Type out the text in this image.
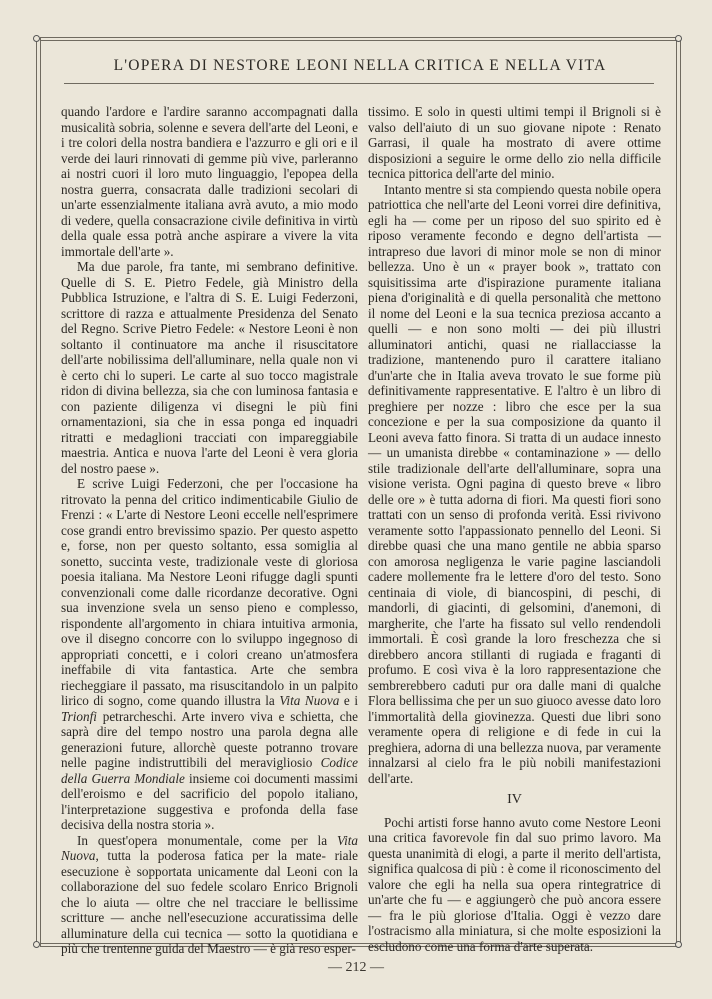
L'OPERA DI NESTORE LEONI NELLA CRITICA E NELLA VITA

quando l'ardore e l'ardire saranno accompagnati dalla musicalità sobria, solenne e severa dell'arte del Leoni, e i tre colori della nostra bandiera e l'azzurro e gli ori e il verde dei lauri rinnovati di gemme più vive, parleranno ai nostri cuori il loro muto linguaggio, l'epopea della nostra guerra, consacrata dalle tradizioni secolari di un'arte essenzialmente italiana avrà avuto, a mio modo di vedere, quella consacrazione civile definitiva in virtù della quale essa potrà anche aspirare a vivere la vita immortale dell'arte ».

Ma due parole, fra tante, mi sembrano definitive. Quelle di S. E. Pietro Fedele, già Ministro della Pubblica Istruzione, e l'altra di S. E. Luigi Federzoni, scrittore di razza e attualmente Presidenza del Senato del Regno. Scrive Pietro Fedele: « Nestore Leoni è non soltanto il continuatore ma anche il risuscitatore dell'arte nobilissima dell'alluminare, nella quale non vi è certo chi lo superi. Le carte al suo tocco magistrale ridon di divina bellezza, sia che con luminosa fantasia e con paziente diligenza vi disegni le più fini ornamentazioni, sia che in essa ponga ed inquadri ritratti e medaglioni tracciati con impareggiabile maestria. Antica e nuova l'arte del Leoni è vera gloria del nostro paese ».

E scrive Luigi Federzoni, che per l'occasione ha ritrovato la penna del critico indimenticabile Giulio de Frenzi : « L'arte di Nestore Leoni eccelle nell'esprimere cose grandi entro brevissimo spazio. Per questo aspetto e, forse, non per questo soltanto, essa somiglia al sonetto, succinta veste, tradizionale veste di gloriosa poesia italiana. Ma Nestore Leoni rifugge dagli spunti convenzionali come dalle ricordanze decorative. Ogni sua invenzione svela un senso pieno e complesso, rispondente all'argomento in chiara intuitiva armonia, ove il disegno concorre con lo sviluppo ingegnoso di appropriati concetti, e i colori creano un'atmosfera ineffabile di vita fantastica. Arte che sembra riecheggiare il passato, ma risuscitandolo in un palpito lirico di sogno, come quando illustra la Vita Nuova e i Trionfi petrarcheschi. Arte invero viva e schietta, che saprà dire del tempo nostro una parola degna alle generazioni future, allorchè queste potranno trovare nelle pagine indistruttibili del meravigliosio Codice della Guerra Mondiale insieme coi documenti massimi dell'eroismo e del sacrificio del popolo italiano, l'interpretazione suggestiva e profonda della fase decisiva della nostra storia ».

In quest'opera monumentale, come per la Vita Nuova, tutta la poderosa fatica per la mate- riale esecuzione è sopportata unicamente dal Leoni con la collaborazione del suo fedele scolaro Enrico Brignoli che lo aiuta — oltre che nel tracciare le bellissime scritture — anche nell'esecuzione accuratissima delle alluminature della cui tecnica — sotto la quotidiana e più che trentenne guida del Maestro — è già reso esper-

tissimo. E solo in questi ultimi tempi il Brignoli si è valso dell'aiuto di un suo giovane nipote : Renato Garrasi, il quale ha mostrato di avere ottime disposizioni a seguire le orme dello zio nella difficile tecnica pittorica dell'arte del minio.

Intanto mentre si sta compiendo questa nobile opera patriottica che nell'arte del Leoni vorrei dire definitiva, egli ha — come per un riposo del suo spirito ed è riposo veramente fecondo e degno dell'artista — intrapreso due lavori di minor mole se non di minor bellezza. Uno è un « prayer book », trattato con squisitissima arte d'ispirazione puramente italiana piena d'originalità e di quella personalità che mettono il nome del Leoni e la sua tecnica preziosa accanto a quelli — e non sono molti — dei più illustri alluminatori antichi, quasi ne riallacciasse la tradizione, mantenendo puro il carattere italiano d'un'arte che in Italia aveva trovato le sue forme più definitivamente rappresentative. E l'altro è un libro di preghiere per nozze : libro che esce per la sua concezione e per la sua composizione da quanto il Leoni aveva fatto finora. Si tratta di un audace innesto — un umanista direbbe « contaminazione » — dello stile tradizionale dell'arte dell'alluminare, sopra una visione verista. Ogni pagina di questo breve « libro delle ore » è tutta adorna di fiori. Ma questi fiori sono trattati con un senso di profonda verità. Essi rivivono veramente sotto l'appassionato pennello del Leoni. Si direbbe quasi che una mano gentile ne abbia sparso con amorosa negligenza le varie pagine lasciandoli cadere mollemente fra le lettere d'oro del testo. Sono centinaia di viole, di biancospini, di peschi, di mandorli, di giacinti, di gelsomini, d'anemoni, di margherite, che l'arte ha fissato sul vello rendendoli immortali. È così grande la loro freschezza che si direbbero ancora stillanti di rugiada e fraganti di profumo. E così viva è la loro rappresentazione che sembrerebbero caduti pur ora dalle mani di qualche Flora bellissima che per un suo giuoco avesse dato loro l'immortalità della giovinezza. Questi due libri sono veramente opera di religione e di fede in cui la preghiera, adorna di una bellezza nuova, par veramente innalzarsi al cielo fra le più nobili manifestazioni dell'arte.

IV

Pochi artisti forse hanno avuto come Nestore Leoni una critica favorevole fin dal suo primo lavoro. Ma questa unanimità di elogi, a parte il merito dell'artista, significa qualcosa di più : è come il riconoscimento del valore che egli ha nella sua opera rintegratrice di un'arte che fu — e aggiungerò che può ancora essere — fra le più gloriose d'Italia. Oggi è vezzo dare l'ostracismo alla miniatura, si che molte esposizioni la escludono come una forma d'arte superata.

— 212 —
